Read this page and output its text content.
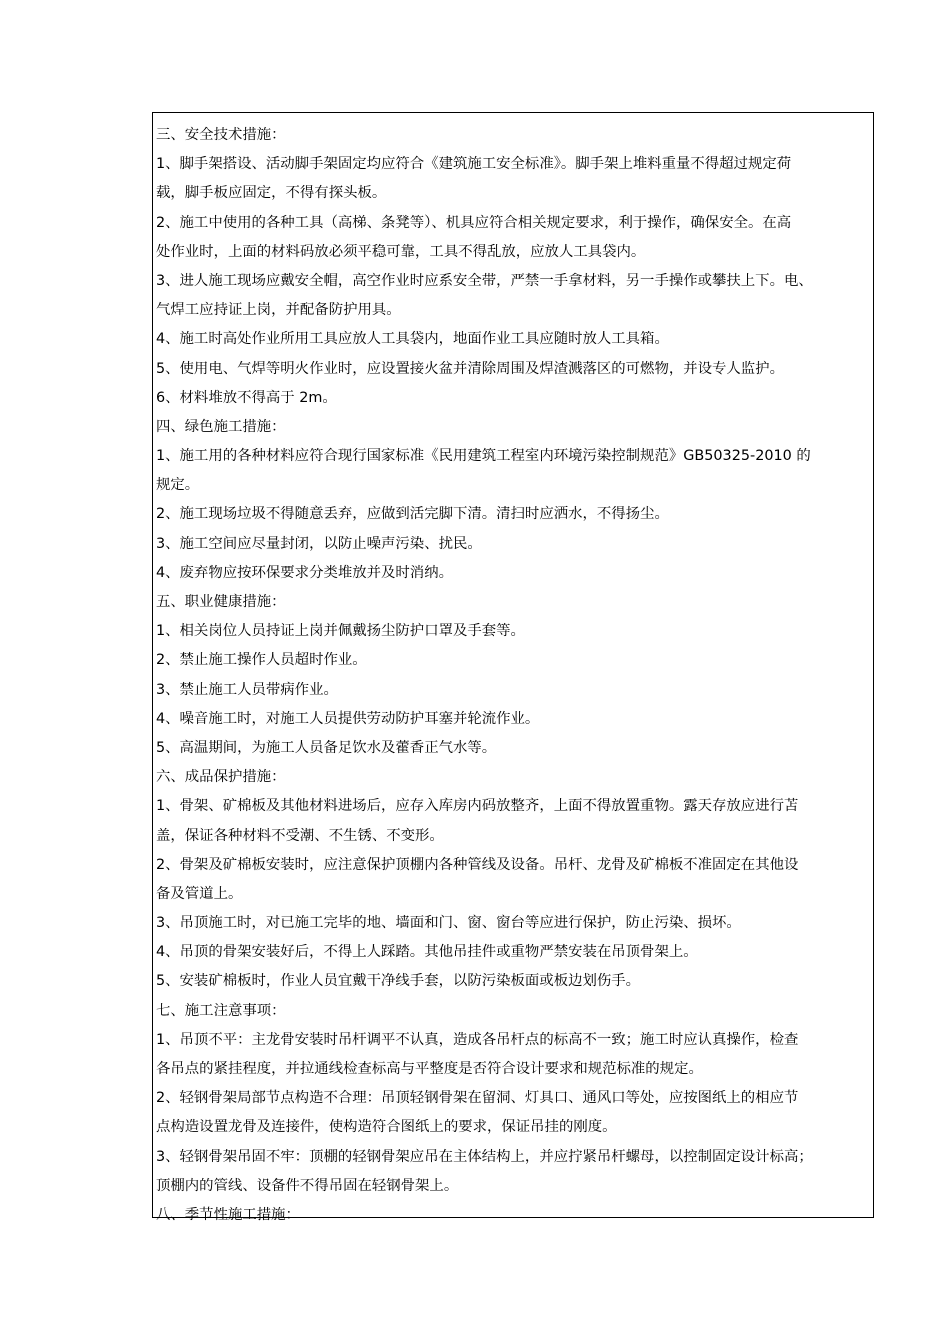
三、安全技术措施：
1、脚手架搭设、活动脚手架固定均应符合《建筑施工安全标准》。脚手架上堆料重量不得超过规定荷
载，脚手板应固定，不得有探头板。
2、施工中使用的各种工具（高梯、条凳等）、机具应符合相关规定要求，利于操作，确保安全。在高
处作业时，上面的材料码放必须平稳可靠，工具不得乱放，应放人工具袋内。
3、进人施工现场应戴安全帽，高空作业时应系安全带，严禁一手拿材料，另一手操作或攀扶上下。电、
气焊工应持证上岗，并配备防护用具。
4、施工时高处作业所用工具应放人工具袋内，地面作业工具应随时放人工具箱。
5、使用电、气焊等明火作业时，应设置接火盆并清除周围及焊渣溅落区的可燃物，并设专人监护。
6、材料堆放不得高于 2m。
四、绿色施工措施：
1、施工用的各种材料应符合现行国家标准《民用建筑工程室内环境污染控制规范》GB50325-2010 的
规定。
2、施工现场垃圾不得随意丢弃，应做到活完脚下清。清扫时应洒水，不得扬尘。
3、施工空间应尽量封闭，以防止噪声污染、扰民。
4、废弃物应按环保要求分类堆放并及时消纳。
五、职业健康措施：
1、相关岗位人员持证上岗并佩戴扬尘防护口罩及手套等。
2、禁止施工操作人员超时作业。
3、禁止施工人员带病作业。
4、噪音施工时，对施工人员提供劳动防护耳塞并轮流作业。
5、高温期间，为施工人员备足饮水及藿香正气水等。
六、成品保护措施：
1、骨架、矿棉板及其他材料进场后，应存入库房内码放整齐，上面不得放置重物。露天存放应进行苫
盖，保证各种材料不受潮、不生锈、不变形。
2、骨架及矿棉板安装时，应注意保护顶棚内各种管线及设备。吊杆、龙骨及矿棉板不准固定在其他设
备及管道上。
3、吊顶施工时，对已施工完毕的地、墙面和门、窗、窗台等应进行保护，防止污染、损坏。
4、吊顶的骨架安装好后，不得上人踩踏。其他吊挂件或重物严禁安装在吊顶骨架上。
5、安装矿棉板时，作业人员宜戴干净线手套，以防污染板面或板边划伤手。
七、施工注意事项：
1、吊顶不平：主龙骨安装时吊杆调平不认真，造成各吊杆点的标高不一致；施工时应认真操作，检查
各吊点的紧挂程度，并拉通线检查标高与平整度是否符合设计要求和规范标准的规定。
2、轻钢骨架局部节点构造不合理：吊顶轻钢骨架在留洞、灯具口、通风口等处，应按图纸上的相应节
点构造设置龙骨及连接件，使构造符合图纸上的要求，保证吊挂的刚度。
3、轻钢骨架吊固不牢：顶棚的轻钢骨架应吊在主体结构上，并应拧紧吊杆螺母，以控制固定设计标高；
顶棚内的管线、设备件不得吊固在轻钢骨架上。
八、季节性施工措施：
